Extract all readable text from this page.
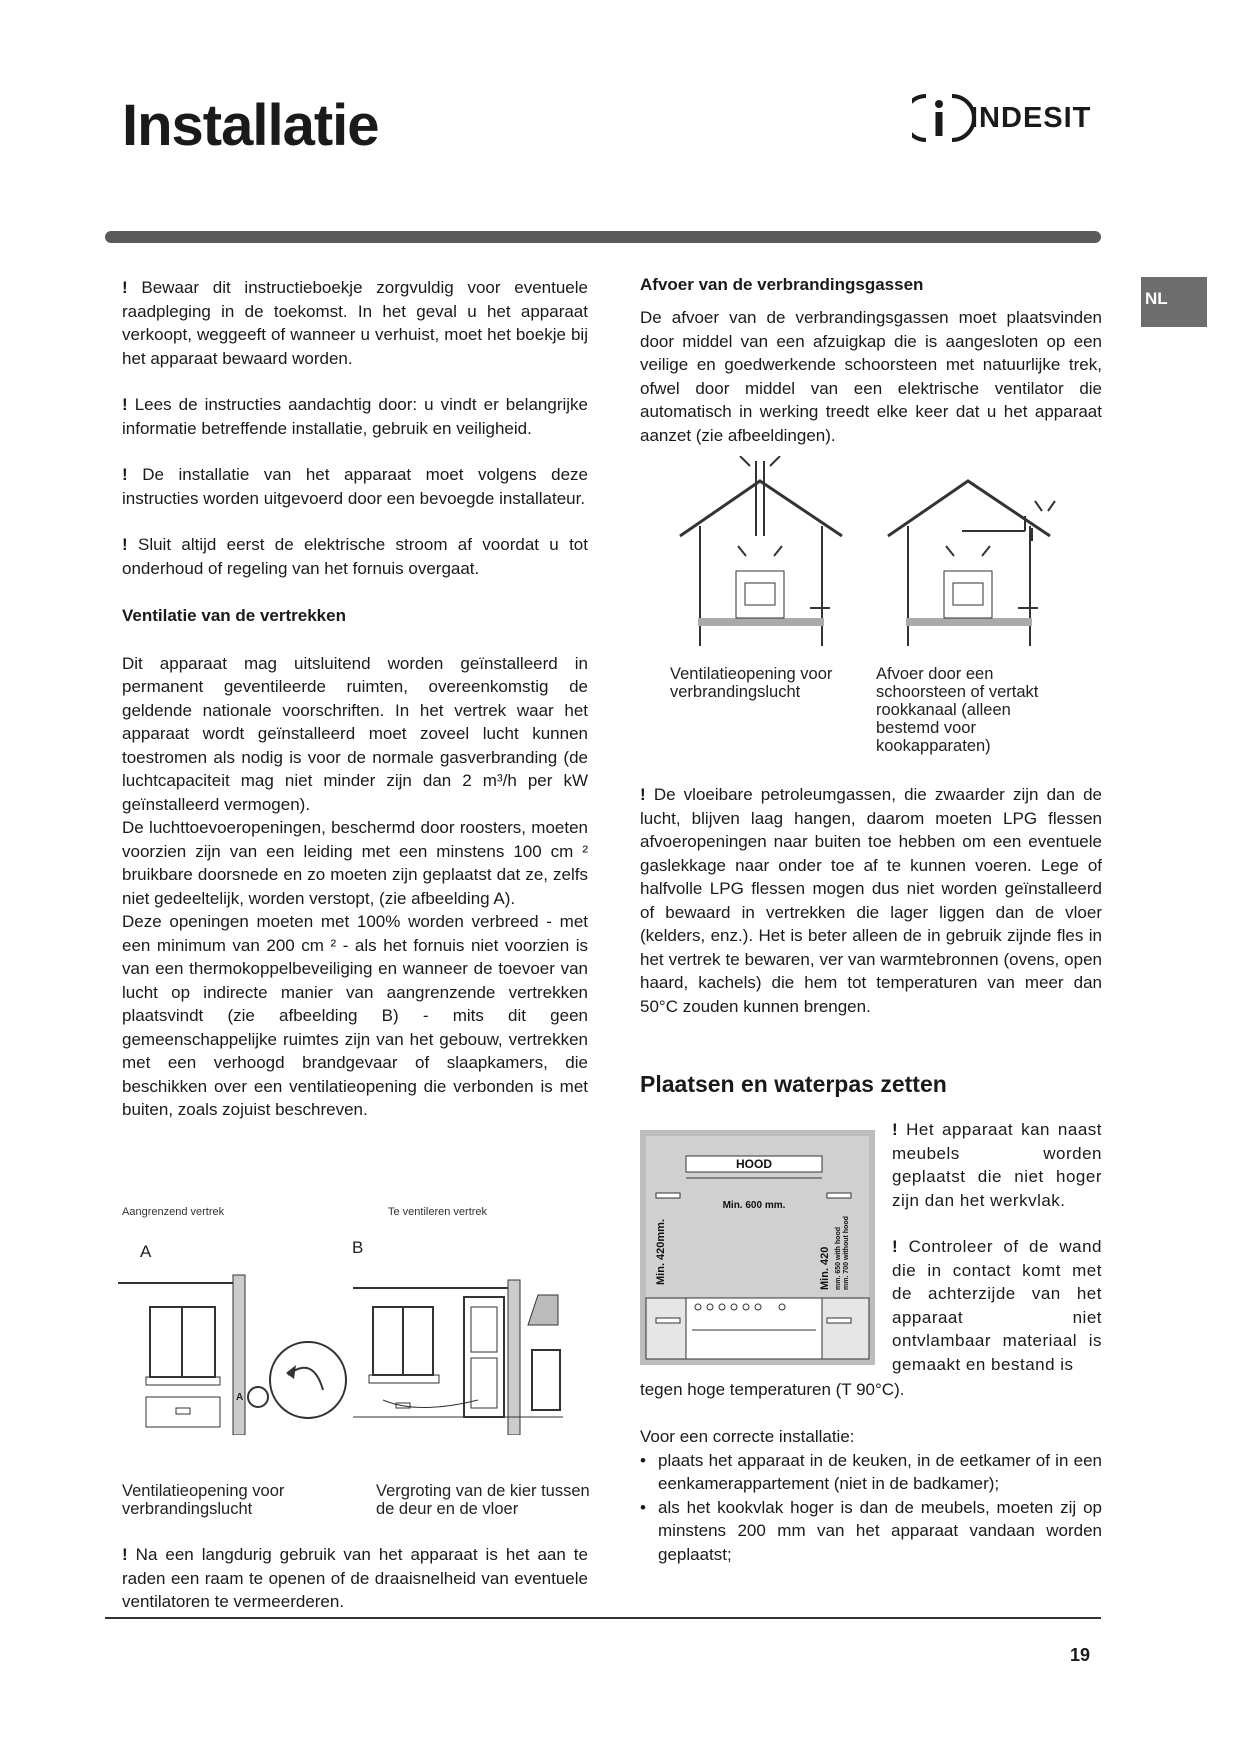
Installatie	INDESIT
NL

! Bewaar dit instructieboekje zorgvuldig voor eventuele raadpleging in de toekomst. In het geval u het apparaat verkoopt, weggeeft of wanneer u verhuist, moet het boekje bij het apparaat bewaard worden.

! Lees de instructies aandachtig door: u vindt er belangrijke informatie betreffende installatie, gebruik en veiligheid.

! De installatie van het apparaat moet volgens deze instructies worden uitgevoerd door een bevoegde installateur.

! Sluit altijd eerst de elektrische stroom af voordat u tot onderhoud of regeling van het fornuis overgaat.

Ventilatie van de vertrekken

Dit apparaat mag uitsluitend worden geïnstalleerd in permanent geventileerde ruimten, overeenkomstig de geldende nationale voorschriften. In het vertrek waar het apparaat wordt geïnstalleerd moet zoveel lucht kunnen toestromen als nodig is voor de normale gasverbranding (de luchtcapaciteit mag niet minder zijn dan 2 m³/h per kW geïnstalleerd vermogen).

De luchttoevoeropeningen, beschermd door roosters, moeten voorzien zijn van een leiding met een minstens 100 cm ² bruikbare doorsnede en zo moeten zijn geplaatst dat ze, zelfs niet gedeeltelijk, worden verstopt, (zie afbeelding A).

Deze openingen moeten met 100% worden verbreed - met een minimum van 200 cm ² - als het fornuis niet voorzien is van een thermokoppelbeveiliging en wanneer de toevoer van lucht op indirecte manier van aangrenzende vertrekken plaatsvindt (zie afbeelding B) - mits dit geen gemeenschappelijke ruimtes zijn van het gebouw, vertrekken met een verhoogd brandgevaar of slaapkamers, die beschikken over een ventilatieopening die verbonden is met buiten, zoals zojuist beschreven.

Aangrenzend vertrek	Te ventileren vertrek
A	B
A
Ventilatieopening voor verbrandingslucht
Vergroting van de kier tussen de deur en de vloer

! Na een langdurig gebruik van het apparaat is het aan te raden een raam te openen of de draaisnelheid van eventuele ventilatoren te vermeerderen.

Afvoer van de verbrandingsgassen

De afvoer van de verbrandingsgassen moet plaatsvinden door middel van een afzuigkap die is aangesloten op een veilige en goedwerkende schoorsteen met natuurlijke trek, ofwel door middel van een elektrische ventilator die automatisch in werking treedt elke keer dat u het apparaat aanzet (zie afbeeldingen).

Ventilatieopening voor verbrandingslucht
Afvoer door een schoorsteen of vertakt rookkanaal (alleen bestemd voor kookapparaten)

! De vloeibare petroleumgassen, die zwaarder zijn dan de lucht, blijven laag hangen, daarom moeten LPG flessen afvoeropeningen naar buiten toe hebben om een eventuele gaslekkage naar onder toe af te kunnen voeren. Lege of halfvolle LPG flessen mogen dus niet worden geïnstalleerd of bewaard in vertrekken die lager liggen dan de vloer (kelders, enz.). Het is beter alleen de in gebruik zijnde fles in het vertrek te bewaren, ver van warmtebronnen (ovens, open haard, kachels) die hem tot temperaturen van meer dan 50°C zouden kunnen brengen.

Plaatsen en waterpas zetten
HOOD
Min. 600 mm.
Min. 420mm.	Min. 420 mm. 650 with hood mm. 700 without hood

! Het apparaat kan naast meubels worden geplaatst die niet hoger zijn dan het werkvlak.

! Controleer of de wand die in contact komt met de achterzijde van het apparaat niet ontvlambaar materiaal is gemaakt en bestand is

tegen hoge temperaturen (T 90°C).

Voor een correcte installatie:

• plaats het apparaat in de keuken, in de eetkamer of in een eenkamerappartement (niet in de badkamer);
• als het kookvlak hoger is dan de meubels, moeten zij op minstens 200 mm van het apparaat vandaan worden geplaatst;
19
